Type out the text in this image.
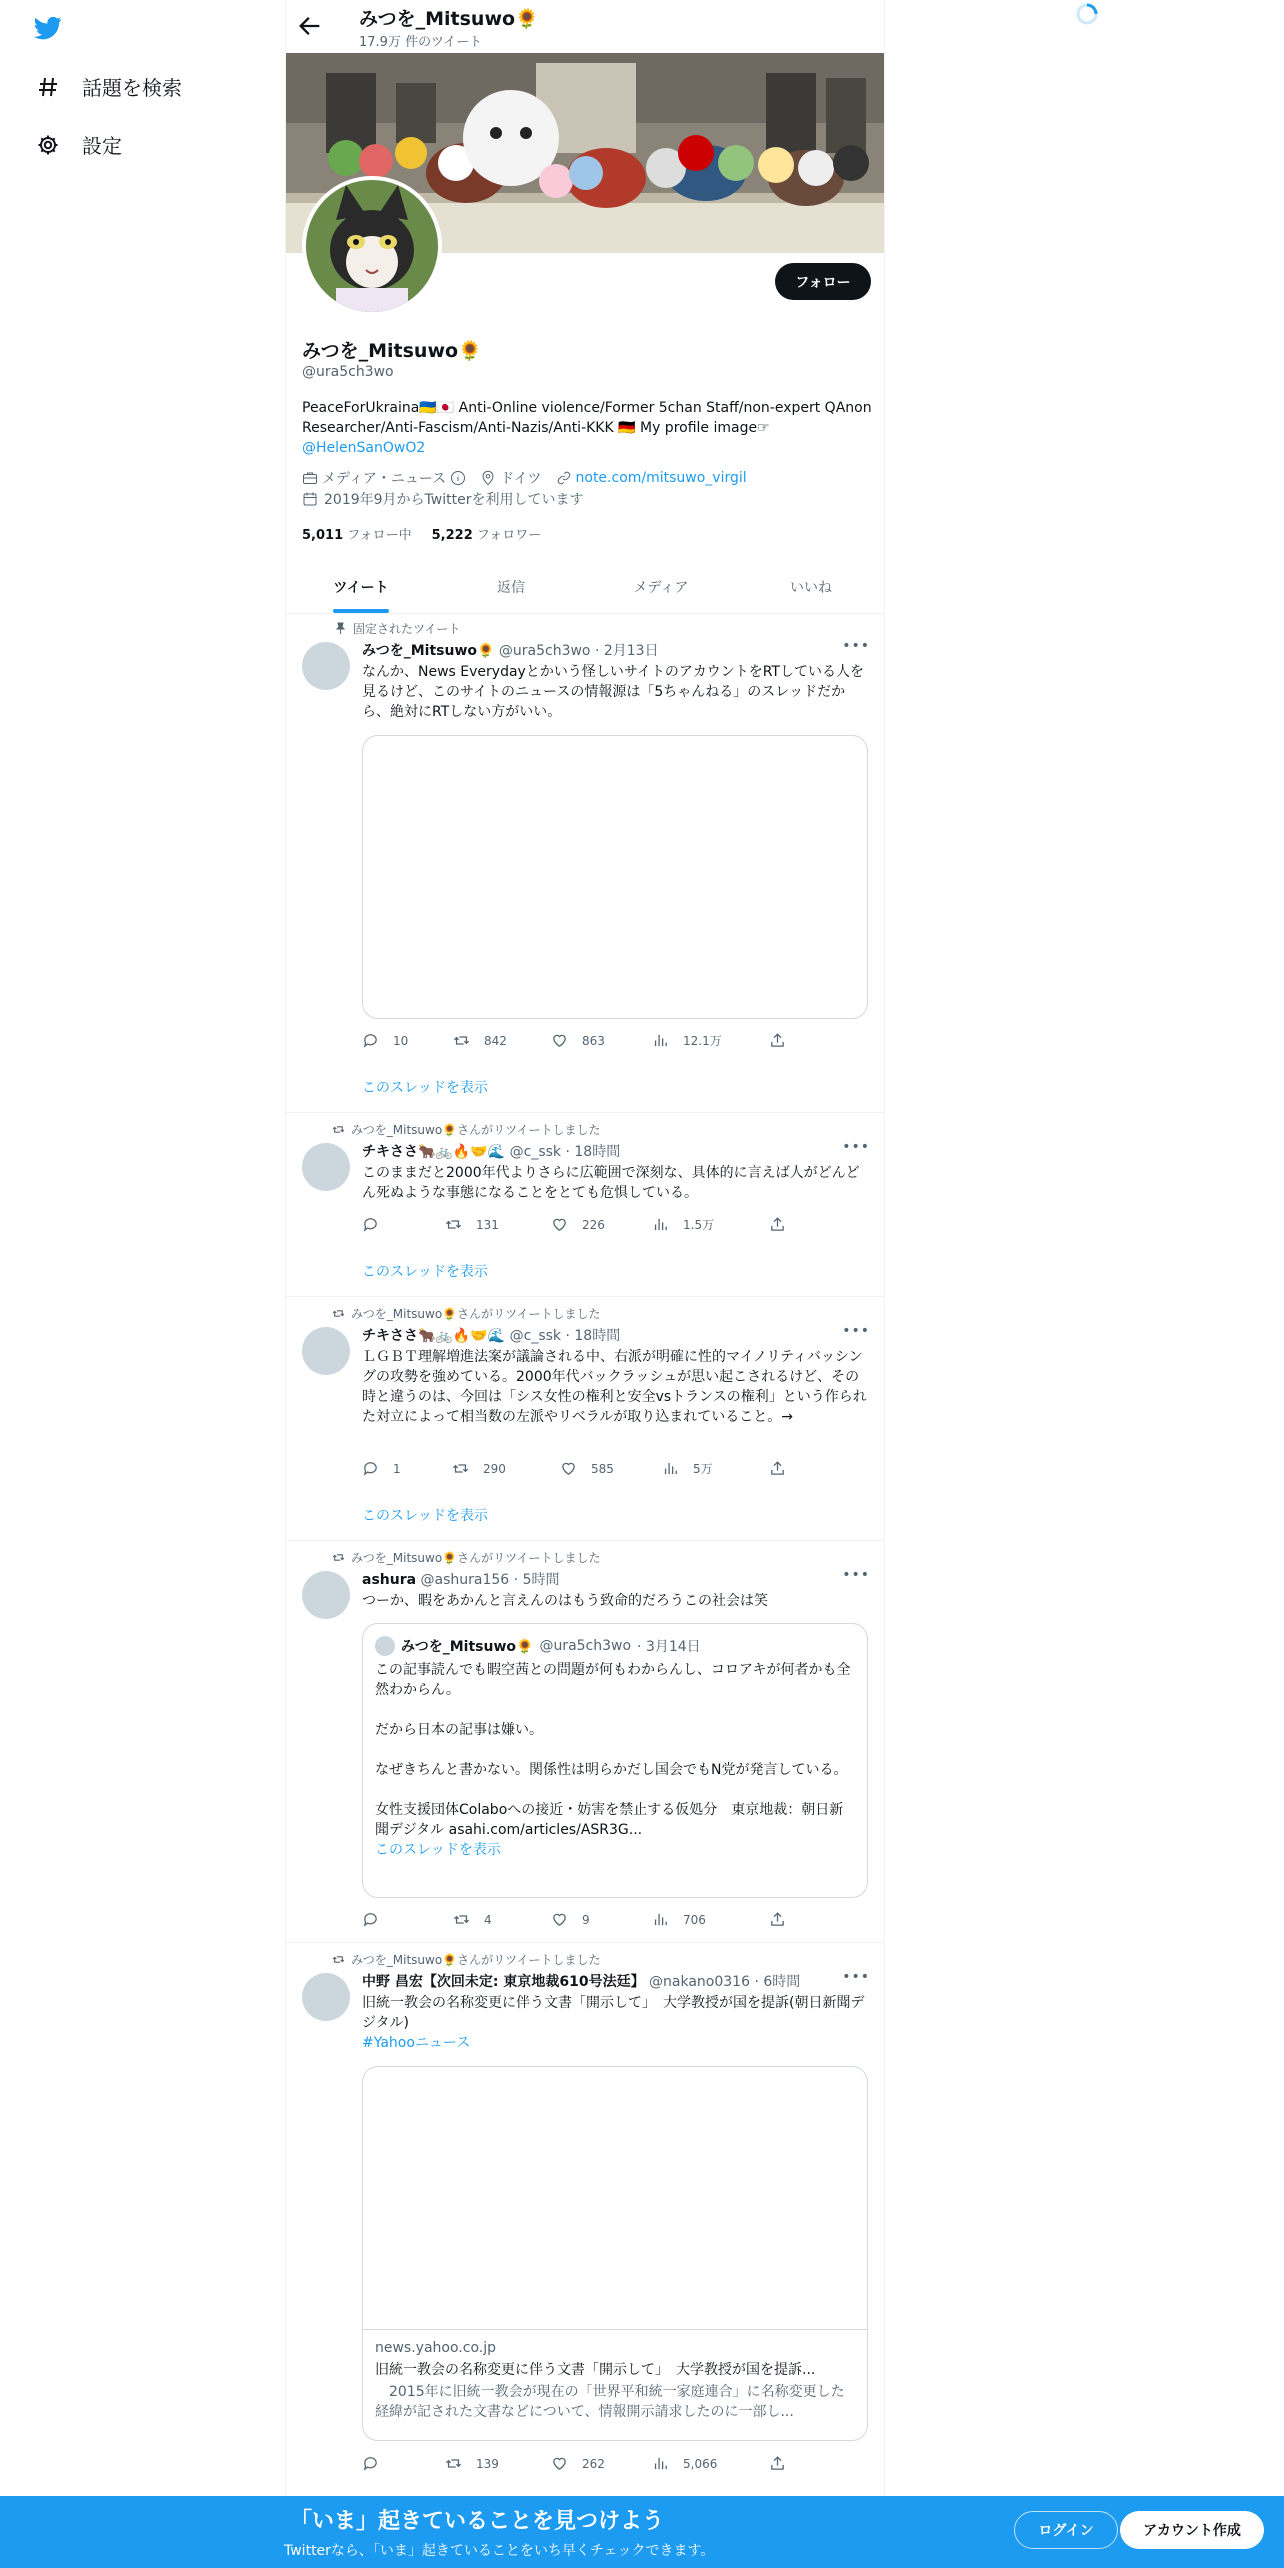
話題を検索
設定
みつを_Mitsuwo🌻
17.9万 件のツイート
フォロー
みつを_Mitsuwo🌻
@ura5ch3wo
PeaceForUkraina🇺🇦🇯🇵 Anti-Online violence/Former 5chan Staff/non-expert QAnon Researcher/Anti-Fascism/Anti-Nazis/Anti-KKK 🇩🇪 My profile image☞
@HelenSanOwO2
メディア・ニュース	ドイツ note.com/mitsuwo_virgil
2019年9月からTwitterを利用しています
5,011 フォロー中 5,222 フォロワー
ツイート	返信	メディア	いいね
固定されたツイート
みつを_Mitsuwo🌻 @ura5ch3wo · 2月13日	•••
なんか、News Everydayとかいう怪しいサイトのアカウントをRTしている人を見るけど、このサイトのニュースの情報源は「5ちゃんねる」のスレッドだから、絶対にRTしない方がいい。
10	842	863	12.1万
このスレッドを表示
みつを_Mitsuwo🌻さんがリツイートしました
チキささ🐂🚲🔥🤝🌊 @c_ssk · 18時間	•••
このままだと2000年代よりさらに広範囲で深刻な、具体的に言えば人がどんどん死ぬような事態になることをとても危惧している。
131	226	1.5万
このスレッドを表示
みつを_Mitsuwo🌻さんがリツイートしました
チキささ🐂🚲🔥🤝🌊 @c_ssk · 18時間	•••
ＬＧＢＴ理解増進法案が議論される中、右派が明確に性的マイノリティバッシングの攻勢を強めている。2000年代バックラッシュが思い起こされるけど、その時と違うのは、今回は「シス女性の権利と安全vsトランスの権利」という作られた対立によって相当数の左派やリベラルが取り込まれていること。→
1	290	585	5万
このスレッドを表示
みつを_Mitsuwo🌻さんがリツイートしました
ashura @ashura156 · 5時間	•••
つーか、暇をあかんと言えんのはもう致命的だろうこの社会は笑
みつを_Mitsuwo🌻 @ura5ch3wo · 3月14日
この記事読んでも暇空茜との問題が何もわからんし、コロアキが何者かも全然わからん。
だから日本の記事は嫌い。
なぜきちんと書かない。関係性は明らかだし国会でもN党が発言している。
女性支援団体Colaboへの接近・妨害を禁止する仮処分　東京地裁：朝日新聞デジタル asahi.com/articles/ASR3G...
このスレッドを表示
4	9	706
みつを_Mitsuwo🌻さんがリツイートしました
中野 昌宏【次回未定: 東京地裁610号法廷】 @nakano0316 · 6時間	•••
旧統一教会の名称変更に伴う文書「開示して」　大学教授が国を提訴(朝日新聞デジタル)
#Yahooニュース
news.yahoo.co.jp
旧統一教会の名称変更に伴う文書「開示して」　大学教授が国を提訴...
2015年に旧統一教会が現在の「世界平和統一家庭連合」に名称変更した経緯が記された文書などについて、情報開示請求したのに一部し...
139	262	5,066
「いま」起きていることを見つけよう
Twitterなら、「いま」起きていることをいち早くチェックできます。
ログイン	アカウント作成
